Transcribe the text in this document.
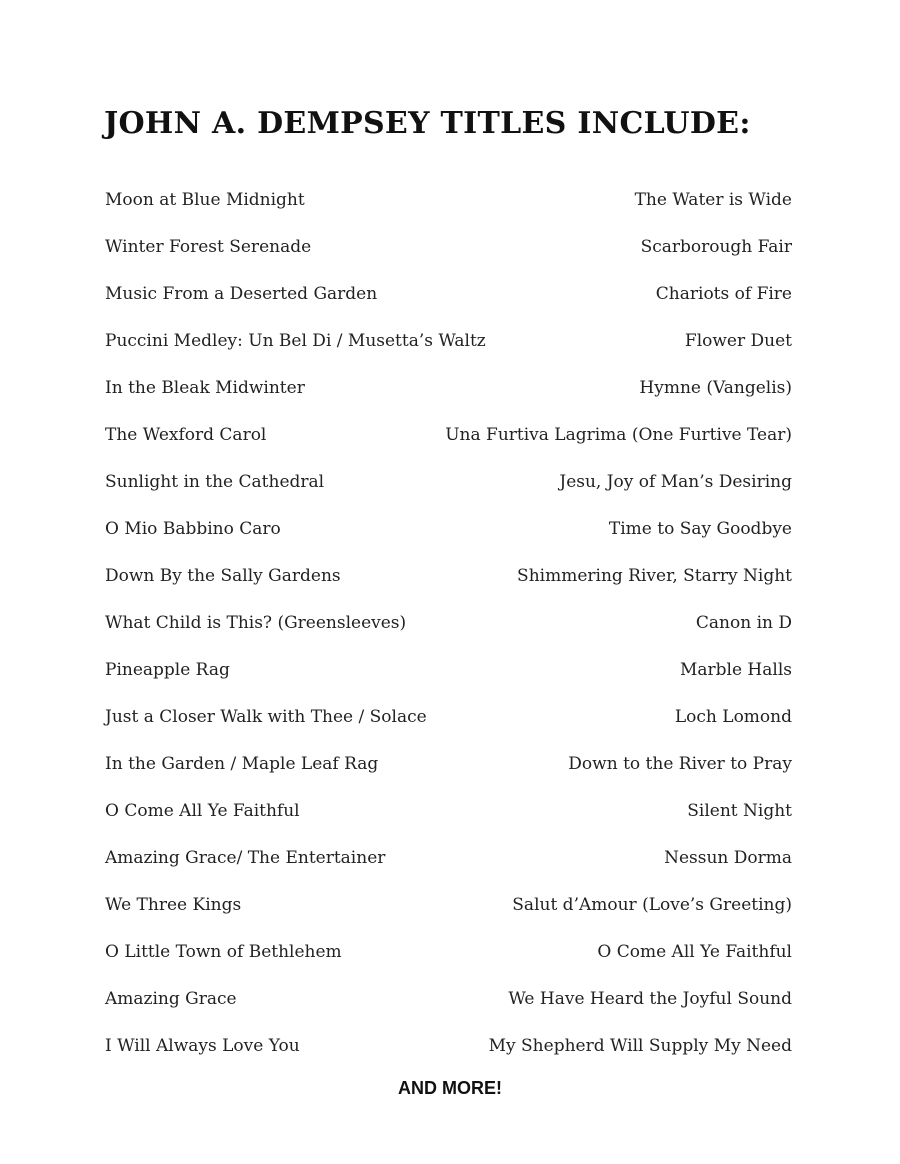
JOHN A. DEMPSEY TITLES INCLUDE:
Moon at Blue Midnight	The Water is Wide
Winter Forest Serenade	Scarborough Fair
Music From a Deserted Garden	Chariots of Fire
Puccini Medley: Un Bel Di / Musetta’s Waltz	Flower Duet
In the Bleak Midwinter	Hymne (Vangelis)
The Wexford Carol	Una Furtiva Lagrima (One Furtive Tear)
Sunlight in the Cathedral	Jesu, Joy of Man’s Desiring
O Mio Babbino Caro	Time to Say Goodbye
Down By the Sally Gardens	Shimmering River, Starry Night
What Child is This? (Greensleeves)	Canon in D
Pineapple Rag	Marble Halls
Just a Closer Walk with Thee / Solace	Loch Lomond
In the Garden / Maple Leaf Rag	Down to the River to Pray
O Come All Ye Faithful	Silent Night
Amazing Grace/ The Entertainer	Nessun Dorma
We Three Kings	Salut d’Amour (Love’s Greeting)
O Little Town of Bethlehem	O Come All Ye Faithful
Amazing Grace	We Have Heard the Joyful Sound
I Will Always Love You	My Shepherd Will Supply My Need
AND MORE!
